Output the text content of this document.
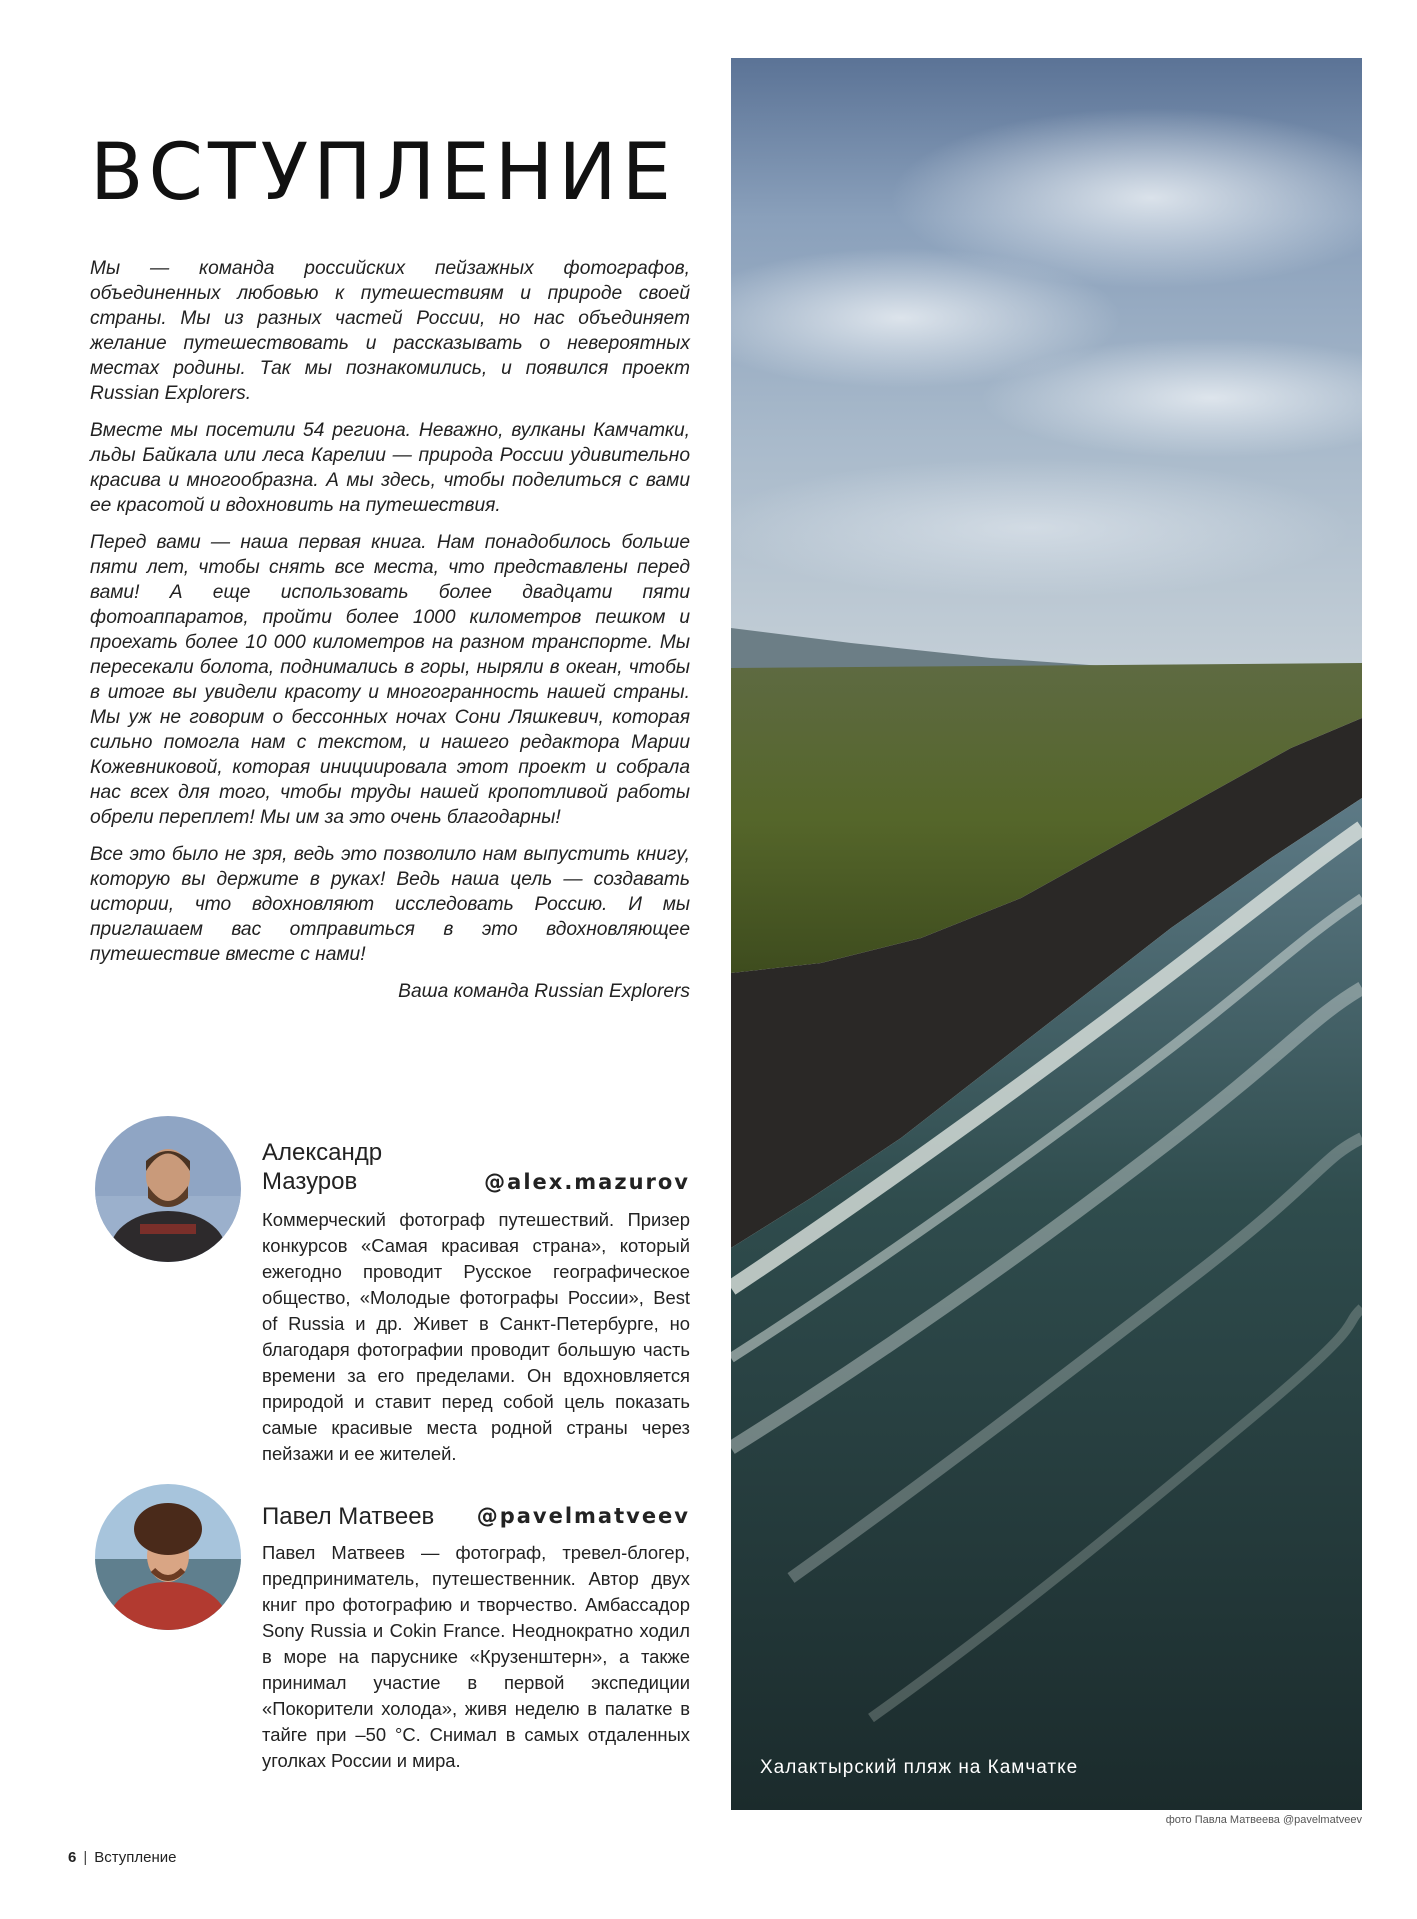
ВСТУПЛЕНИЕ

Мы — команда российских пейзажных фотографов, объединенных любовью к путешествиям и природе своей страны. Мы из разных частей России, но нас объединяет желание путешествовать и рассказывать о невероятных местах родины. Так мы познакомились, и появился проект Russian Explorers.

Вместе мы посетили 54 региона. Неважно, вулканы Камчатки, льды Байкала или леса Карелии — природа России удивительно красива и многообразна. А мы здесь, чтобы поделиться с вами ее красотой и вдохновить на путешествия.

Перед вами — наша первая книга. Нам понадобилось больше пяти лет, чтобы снять все места, что представлены перед вами! А еще использовать более двадцати пяти фотоаппаратов, пройти более 1000 километров пешком и проехать более 10 000 километров на разном транспорте. Мы пересекали болота, поднимались в горы, ныряли в океан, чтобы в итоге вы увидели красоту и многогранность нашей страны. Мы уж не говорим о бессонных ночах Сони Ляшкевич, которая сильно помогла нам с текстом, и нашего редактора Марии Кожевниковой, которая инициировала этот проект и собрала нас всех для того, чтобы труды нашей кропотливой работы обрели переплет! Мы им за это очень благодарны!

Все это было не зря, ведь это позволило нам выпустить книгу, которую вы держите в руках! Ведь наша цель — создавать истории, что вдохновляют исследовать Россию. И мы приглашаем вас отправиться в это вдохновляющее путешествие вместе с нами!

Ваша команда Russian Explorers

Халактырский пляж на Камчатке
фото Павла Матвеева @pavelmatveev
Александр
Мазуров	@alex.mazurov
Коммерческий фотограф путешествий. Призер конкурсов «Самая красивая страна», который ежегодно проводит Русское географическое общество, «Молодые фотографы России», Best of Russia и др. Живет в Санкт-Петербурге, но благодаря фотографии проводит большую часть времени за его пределами. Он вдохновляется природой и ставит перед собой цель показать самые красивые места родной страны через пейзажи и ее жителей.
Павел Матвеев @pavelmatveev
Павел Матвеев — фотограф, тревел-блогер, предприниматель, путешественник. Автор двух книг про фотографию и творчество. Амбассадор Sony Russia и Cokin France. Неоднократно ходил в море на паруснике «Крузенштерн», а также принимал участие в первой экспедиции «Покорители холода», живя неделю в палатке в тайге при –50 °C. Снимал в самых отдаленных уголках России и мира.
6 | Вступление
